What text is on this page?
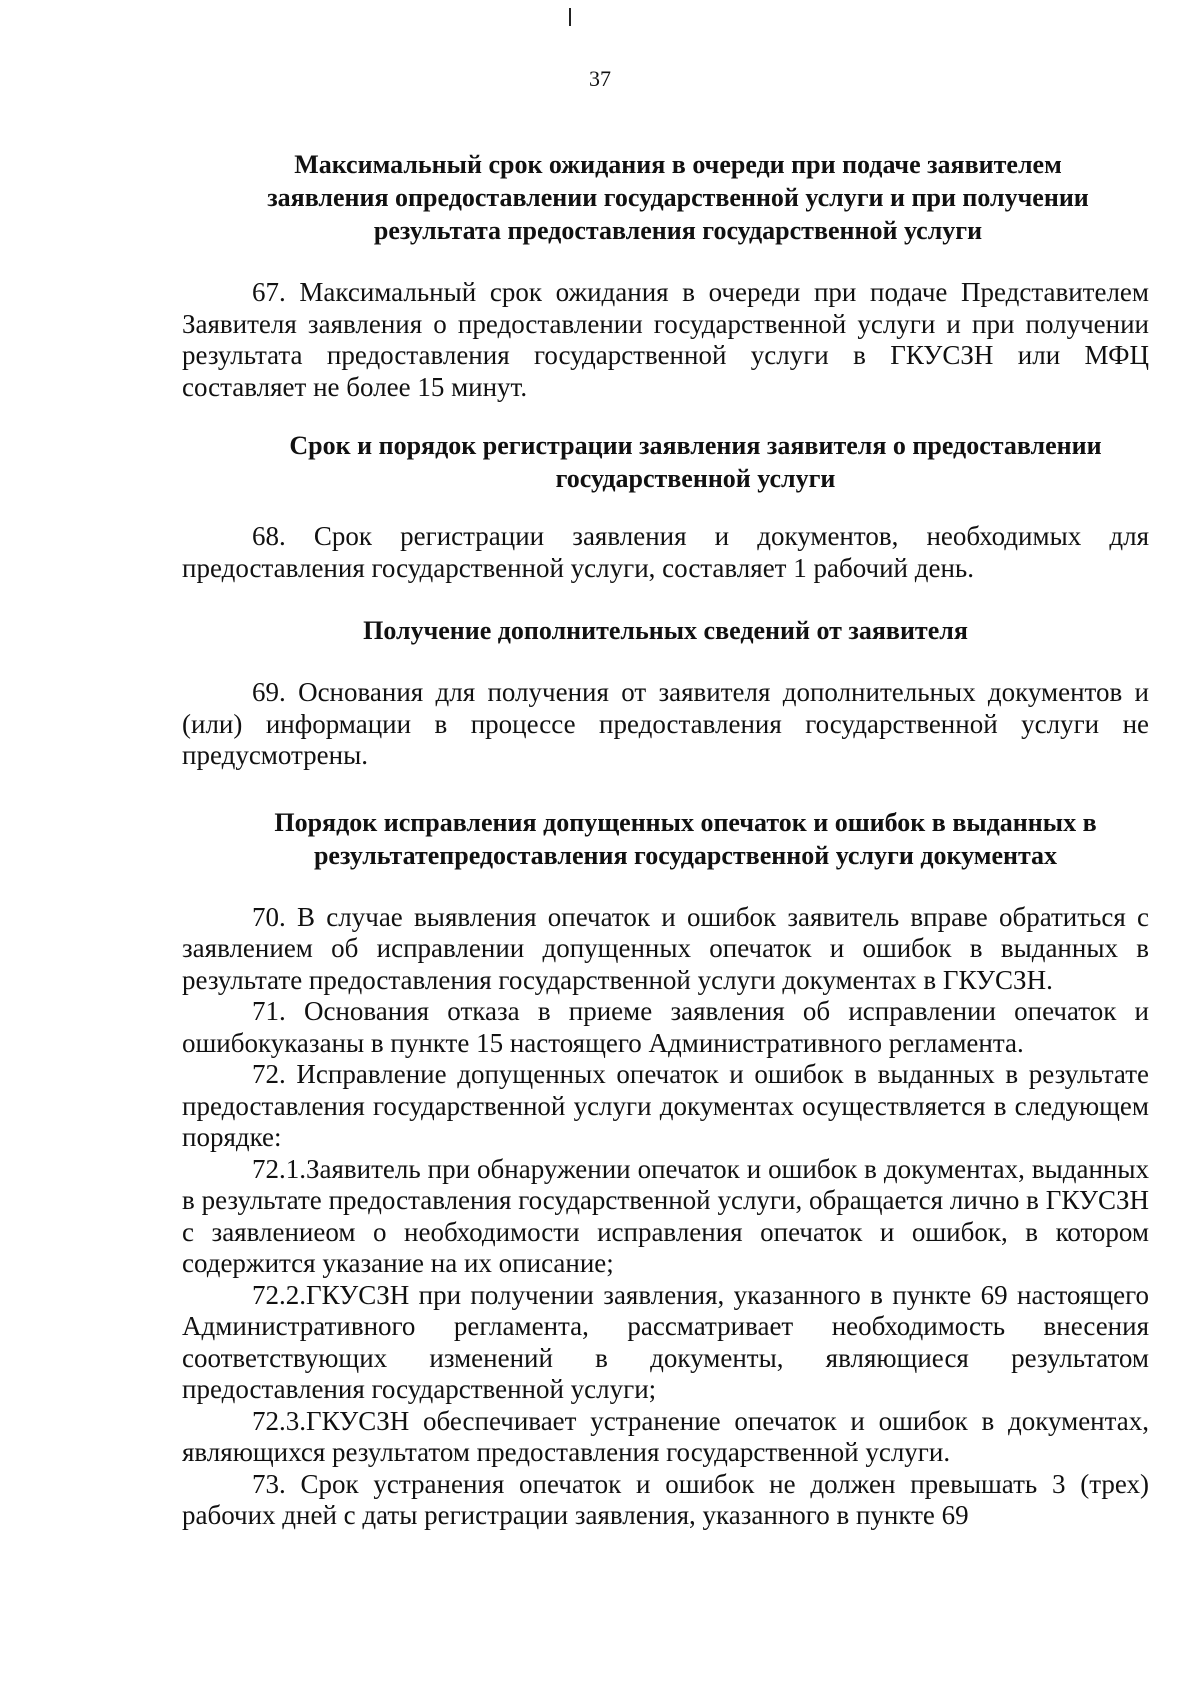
37
Максимальный срок ожидания в очереди при подаче заявителем заявления опредоставлении государственной услуги и при получении результата предоставления государственной услуги

67. Максимальный срок ожидания в очереди при подаче Представителем Заявителя заявления о предоставлении государственной услуги и при получении результата предоставления государственной услуги в ГКУСЗН или МФЦ составляет не более 15 минут.

Срок и порядок регистрации заявления заявителя о предоставлении государственной услуги

68. Срок регистрации заявления и документов, необходимых для предоставления государственной услуги, составляет 1 рабочий день.

Получение дополнительных сведений от заявителя

69. Основания для получения от заявителя дополнительных документов и (или) информации в процессе предоставления государственной услуги не предусмотрены.

Порядок исправления допущенных опечаток и ошибок в выданных в результатепредоставления государственной услуги документах

70. В случае выявления опечаток и ошибок заявитель вправе обратиться с заявлением об исправлении допущенных опечаток и ошибок в выданных в результате предоставления государственной услуги документах в ГКУСЗН.

71. Основания отказа в приеме заявления об исправлении опечаток и ошибокуказаны в пункте 15 настоящего Административного регламента.

72. Исправление допущенных опечаток и ошибок в выданных в результате предоставления государственной услуги документах осуществляется в следующем порядке:

72.1.Заявитель при обнаружении опечаток и ошибок в документах, выданных в результате предоставления государственной услуги, обращается лично в ГКУСЗН с заявлениеом о необходимости исправления опечаток и ошибок, в котором содержится указание на их описание;

72.2.ГКУСЗН при получении заявления, указанного в пункте 69 настоящего Административного регламента, рассматривает необходимость внесения соответствующих изменений в документы, являющиеся результатом предоставления государственной услуги;

72.3.ГКУСЗН обеспечивает устранение опечаток и ошибок в документах, являющихся результатом предоставления государственной услуги.

73. Срок устранения опечаток и ошибок не должен превышать 3 (трех) рабочих дней с даты регистрации заявления, указанного в пункте 69
